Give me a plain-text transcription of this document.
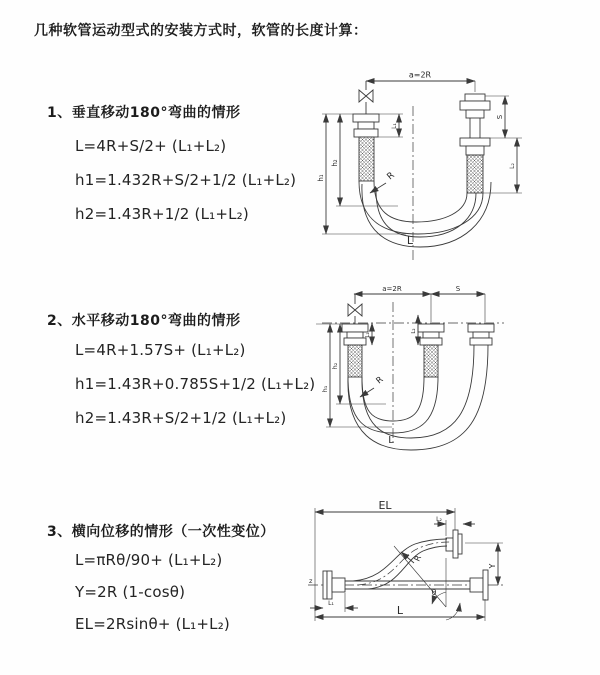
几种软管运动型式的安装方式时，软管的长度计算：
1、垂直移动180°弯曲的情形
L=4R+S/2+ (L₁+L₂)
h1=1.432R+S/2+1/2 (L₁+L₂)
h2=1.43R+1/2 (L₁+L₂)
2、水平移动180°弯曲的情形
L=4R+1.57S+ (L₁+L₂)
h1=1.43R+0.785S+1/2 (L₁+L₂)
h2=1.43R+S/2+1/2 (L₁+L₂)
3、横向位移的情形（一次性变位）
L=πRθ/90+ (L₁+L₂)
Y=2R (1-cosθ)
EL=2Rsinθ+ (L₁+L₂)
a=2R
h₂
h₁
L₁
S
L₂
R
L
a=2R	S
h₂
h₁
L₁
L₂
R
L
EL
L₂
Y
R
θ
L
L₁
z
